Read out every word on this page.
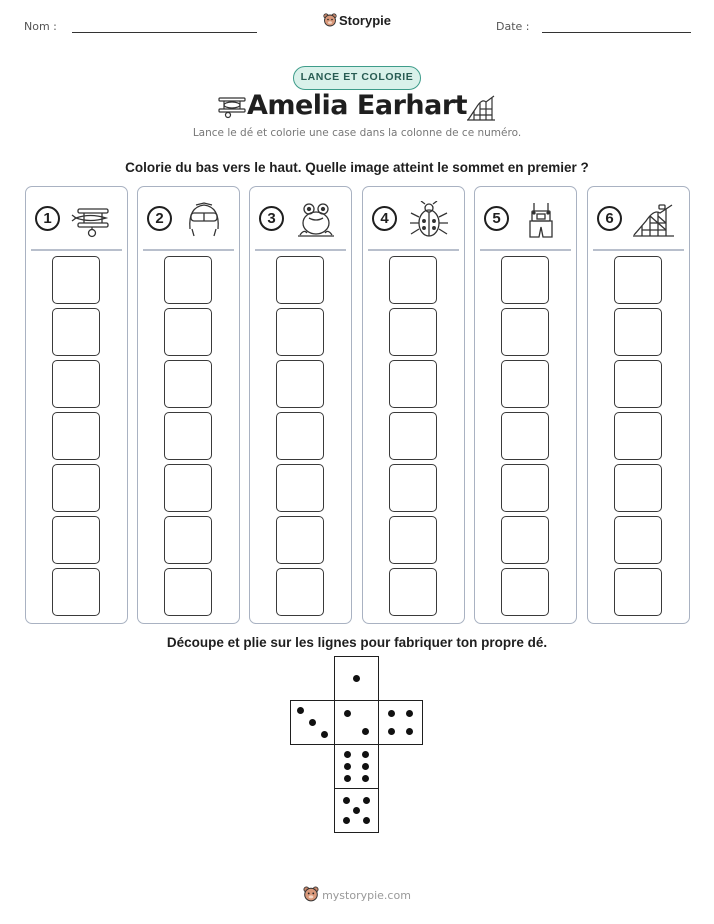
Nom :	Storypie	Date :
LANCE ET COLORIE
Amelia Earhart
Lance le dé et colorie une case dans la colonne de ce numéro.
Colorie du bas vers le haut. Quelle image atteint le sommet en premier ?
1	2	3	4	5	6
Découpe et plie sur les lignes pour fabriquer ton propre dé.
mystorypie.com
